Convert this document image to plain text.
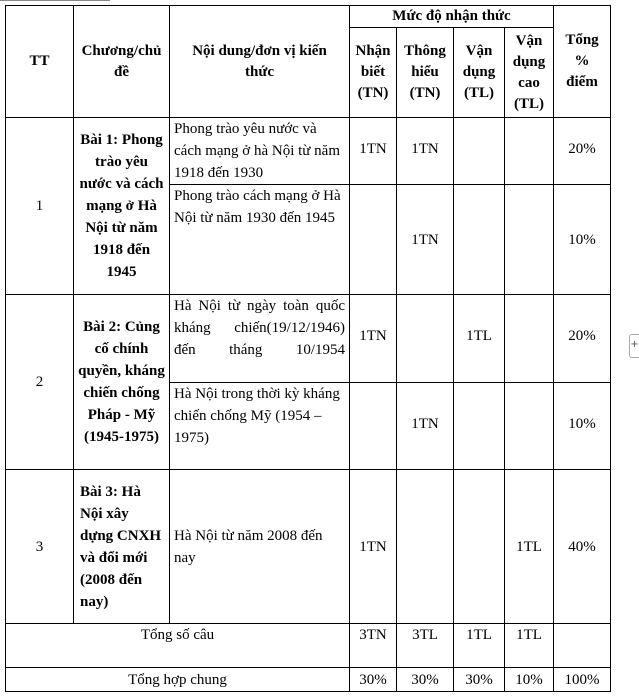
TT	Chương/chủ đề	Nội dung/đơn vị kiến thức	Mức độ nhận thức				Tổng % điểm
			Nhận biết (TN)	Thông hiểu (TN)	Vận dụng (TL)	Vận dụng cao (TL)	
1	Bài 1: Phong trào yêu nước và cách mạng ở Hà Nội từ năm 1918 đến 1945	Phong trào yêu nước và cách mạng ở hà Nội từ năm 1918 đến 1930	1TN	1TN			20%
		Phong trào cách mạng ở Hà Nội từ năm 1930 đến 1945		1TN			10%
2	Bài 2: Củng cố chính quyền, kháng chiến chống Pháp - Mỹ (1945-1975)	Hà Nội từ ngày toàn quốc kháng chiến(19/12/1946) đến tháng 10/1954	1TN		1TL		20%
		Hà Nội trong thời kỳ kháng chiến chống Mỹ (1954 – 1975)		1TN			10%
3	Bài 3: Hà Nội xây dựng CNXH và đổi mới (2008 đến nay)	Hà Nội từ năm 2008 đến nay	1TN			1TL	40%
Tổng số câu			3TN	3TL	1TL	1TL	
Tổng hợp chung			30%	30%	30%	10%	100%
+
